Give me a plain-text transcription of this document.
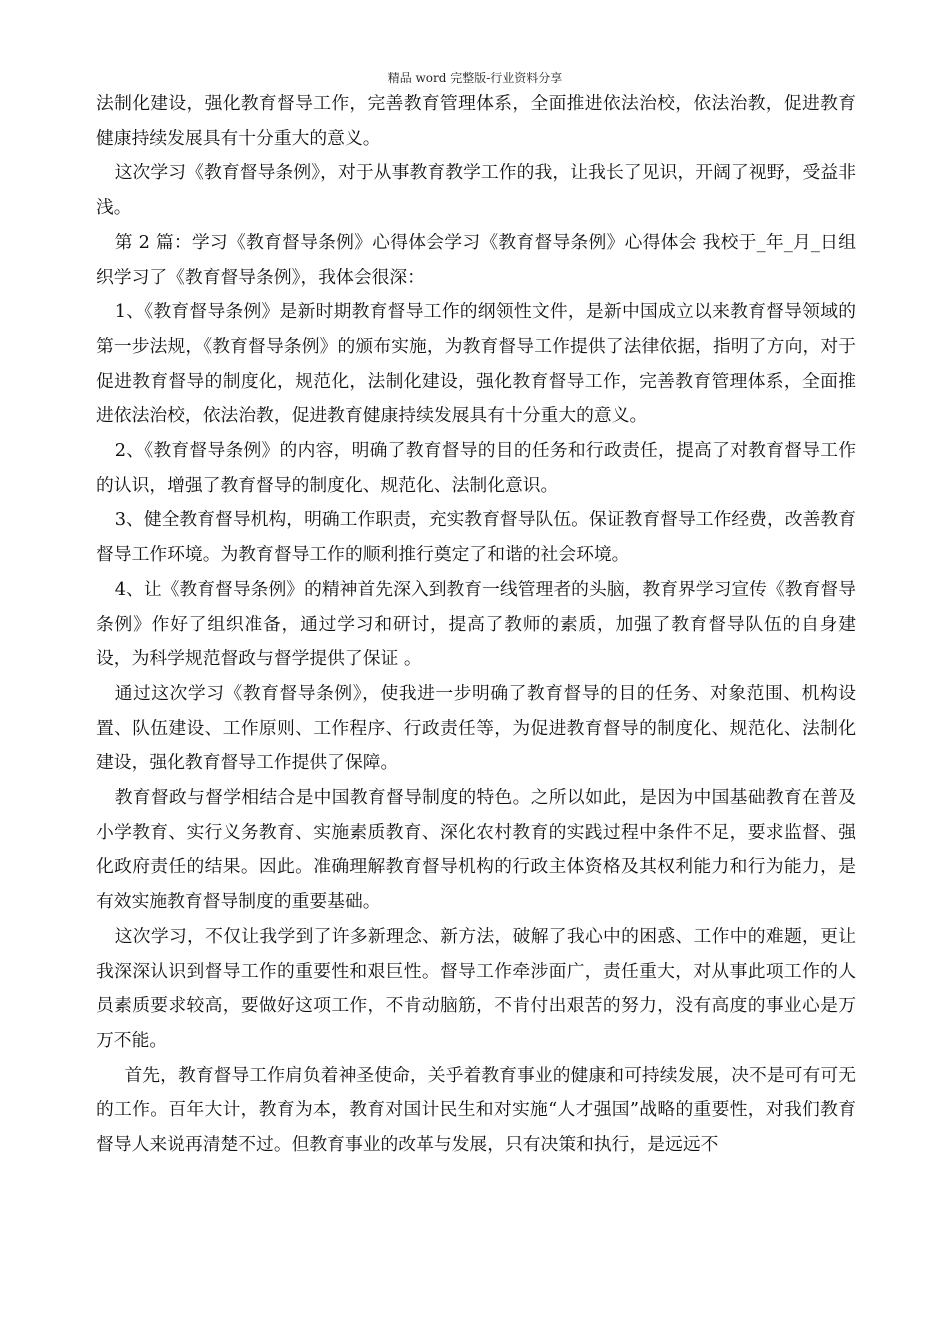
精品 word 完整版-行业资料分享

法制化建设，强化教育督导工作，完善教育管理体系，全面推进依法治校，依法治教，促进教育健康持续发展具有十分重大的意义。

这次学习《教育督导条例》，对于从事教育教学工作的我，让我长了见识，开阔了视野，受益非浅。

第 2 篇：学习《教育督导条例》心得体会学习《教育督导条例》心得体会 我校于_年_月_日组织学习了《教育督导条例》，我体会很深：

1、《教育督导条例》是新时期教育督导工作的纲领性文件，是新中国成立以来教育督导领域的第一步法规，《教育督导条例》的颁布实施，为教育督导工作提供了法律依据，指明了方向，对于促进教育督导的制度化，规范化，法制化建设，强化教育督导工作，完善教育管理体系，全面推进依法治校，依法治教，促进教育健康持续发展具有十分重大的意义。

2、《教育督导条例》的内容，明确了教育督导的目的任务和行政责任，提高了对教育督导工作的认识，增强了教育督导的制度化、规范化、法制化意识。

3、健全教育督导机构，明确工作职责，充实教育督导队伍。保证教育督导工作经费，改善教育督导工作环境。为教育督导工作的顺利推行奠定了和谐的社会环境。

4、让《教育督导条例》的精神首先深入到教育一线管理者的头脑，教育界学习宣传《教育督导条例》作好了组织准备，通过学习和研讨，提高了教师的素质，加强了教育督导队伍的自身建设，为科学规范督政与督学提供了保证 。

通过这次学习《教育督导条例》，使我进一步明确了教育督导的目的任务、对象范围、机构设置、队伍建设、工作原则、工作程序、行政责任等，为促进教育督导的制度化、规范化、法制化建设，强化教育督导工作提供了保障。

教育督政与督学相结合是中国教育督导制度的特色。之所以如此，是因为中国基础教育在普及小学教育、实行义务教育、实施素质教育、深化农村教育的实践过程中条件不足，要求监督、强化政府责任的结果。因此。准确理解教育督导机构的行政主体资格及其权利能力和行为能力，是有效实施教育督导制度的重要基础。

这次学习，不仅让我学到了许多新理念、新方法，破解了我心中的困惑、工作中的难题，更让我深深认识到督导工作的重要性和艰巨性。督导工作牵涉面广，责任重大，对从事此项工作的人员素质要求较高，要做好这项工作，不肯动脑筋，不肯付出艰苦的努力，没有高度的事业心是万万不能。

首先，教育督导工作肩负着神圣使命，关乎着教育事业的健康和可持续发展，决不是可有可无的工作。百年大计，教育为本，教育对国计民生和对实施“人才强国”战略的重要性，对我们教育督导人来说再清楚不过。但教育事业的改革与发展，只有决策和执行，是远远不
